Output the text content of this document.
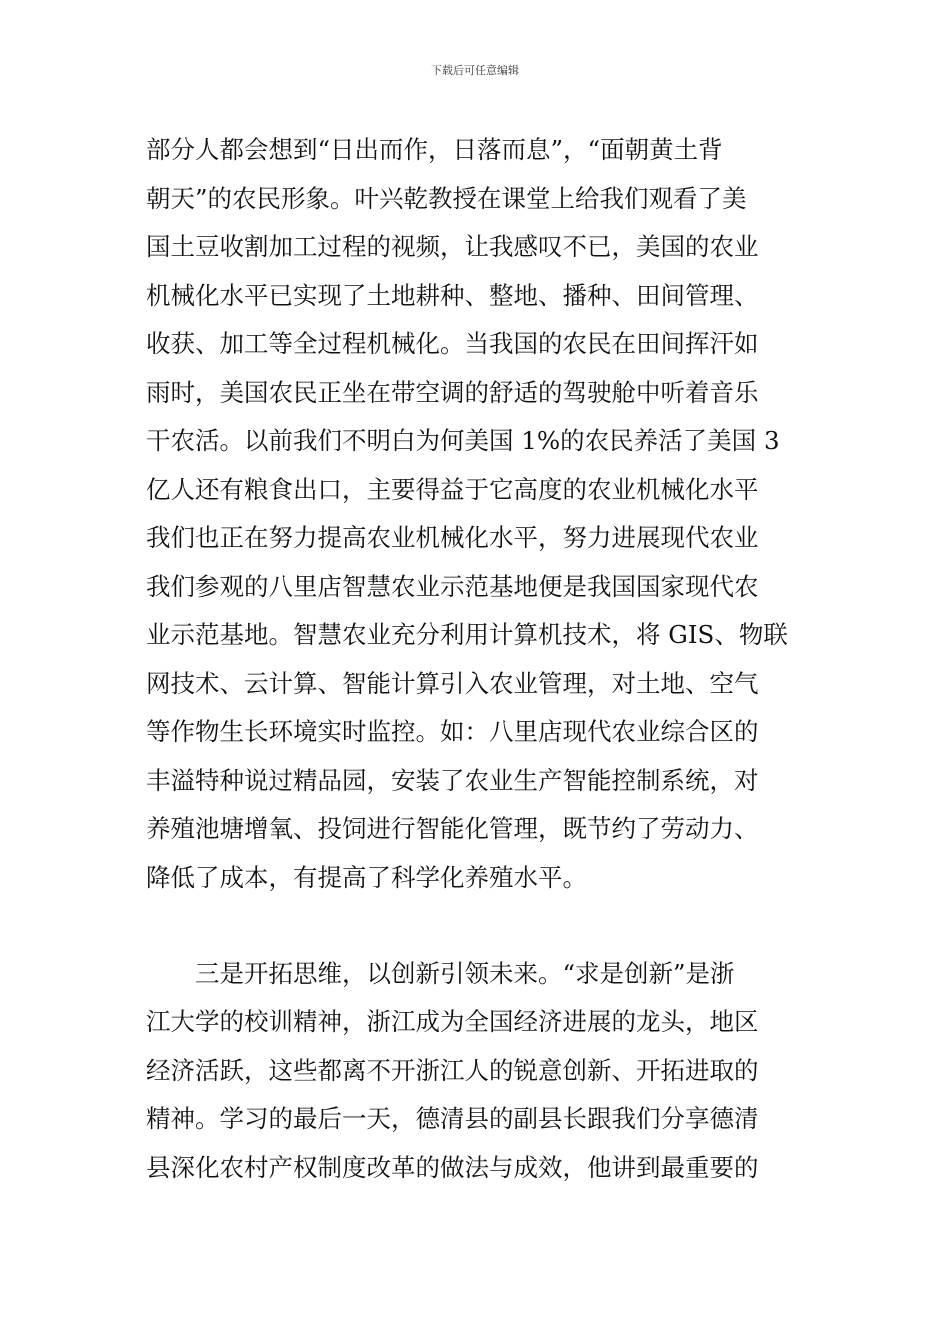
下载后可任意编辑
部分人都会想到“日出而作，日落而息”，“面朝黄土背
朝天”的农民形象。叶兴乾教授在课堂上给我们观看了美
国土豆收割加工过程的视频，让我感叹不已，美国的农业
机械化水平已实现了土地耕种、整地、播种、田间管理、
收获、加工等全过程机械化。当我国的农民在田间挥汗如
雨时，美国农民正坐在带空调的舒适的驾驶舱中听着音乐
干农活。以前我们不明白为何美国 1%的农民养活了美国 3
亿人还有粮食出口，主要得益于它高度的农业机械化水平
我们也正在努力提高农业机械化水平，努力进展现代农业
我们参观的八里店智慧农业示范基地便是我国国家现代农
业示范基地。智慧农业充分利用计算机技术，将 GIS、物联
网技术、云计算、智能计算引入农业管理，对土地、空气
等作物生长环境实时监控。如：八里店现代农业综合区的
丰溢特种说过精品园，安装了农业生产智能控制系统，对
养殖池塘增氧、投饲进行智能化管理，既节约了劳动力、
降低了成本，有提高了科学化养殖水平。
三是开拓思维，以创新引领未来。“求是创新”是浙
江大学的校训精神，浙江成为全国经济进展的龙头，地区
经济活跃，这些都离不开浙江人的锐意创新、开拓进取的
精神。学习的最后一天，德清县的副县长跟我们分享德清
县深化农村产权制度改革的做法与成效，他讲到最重要的
